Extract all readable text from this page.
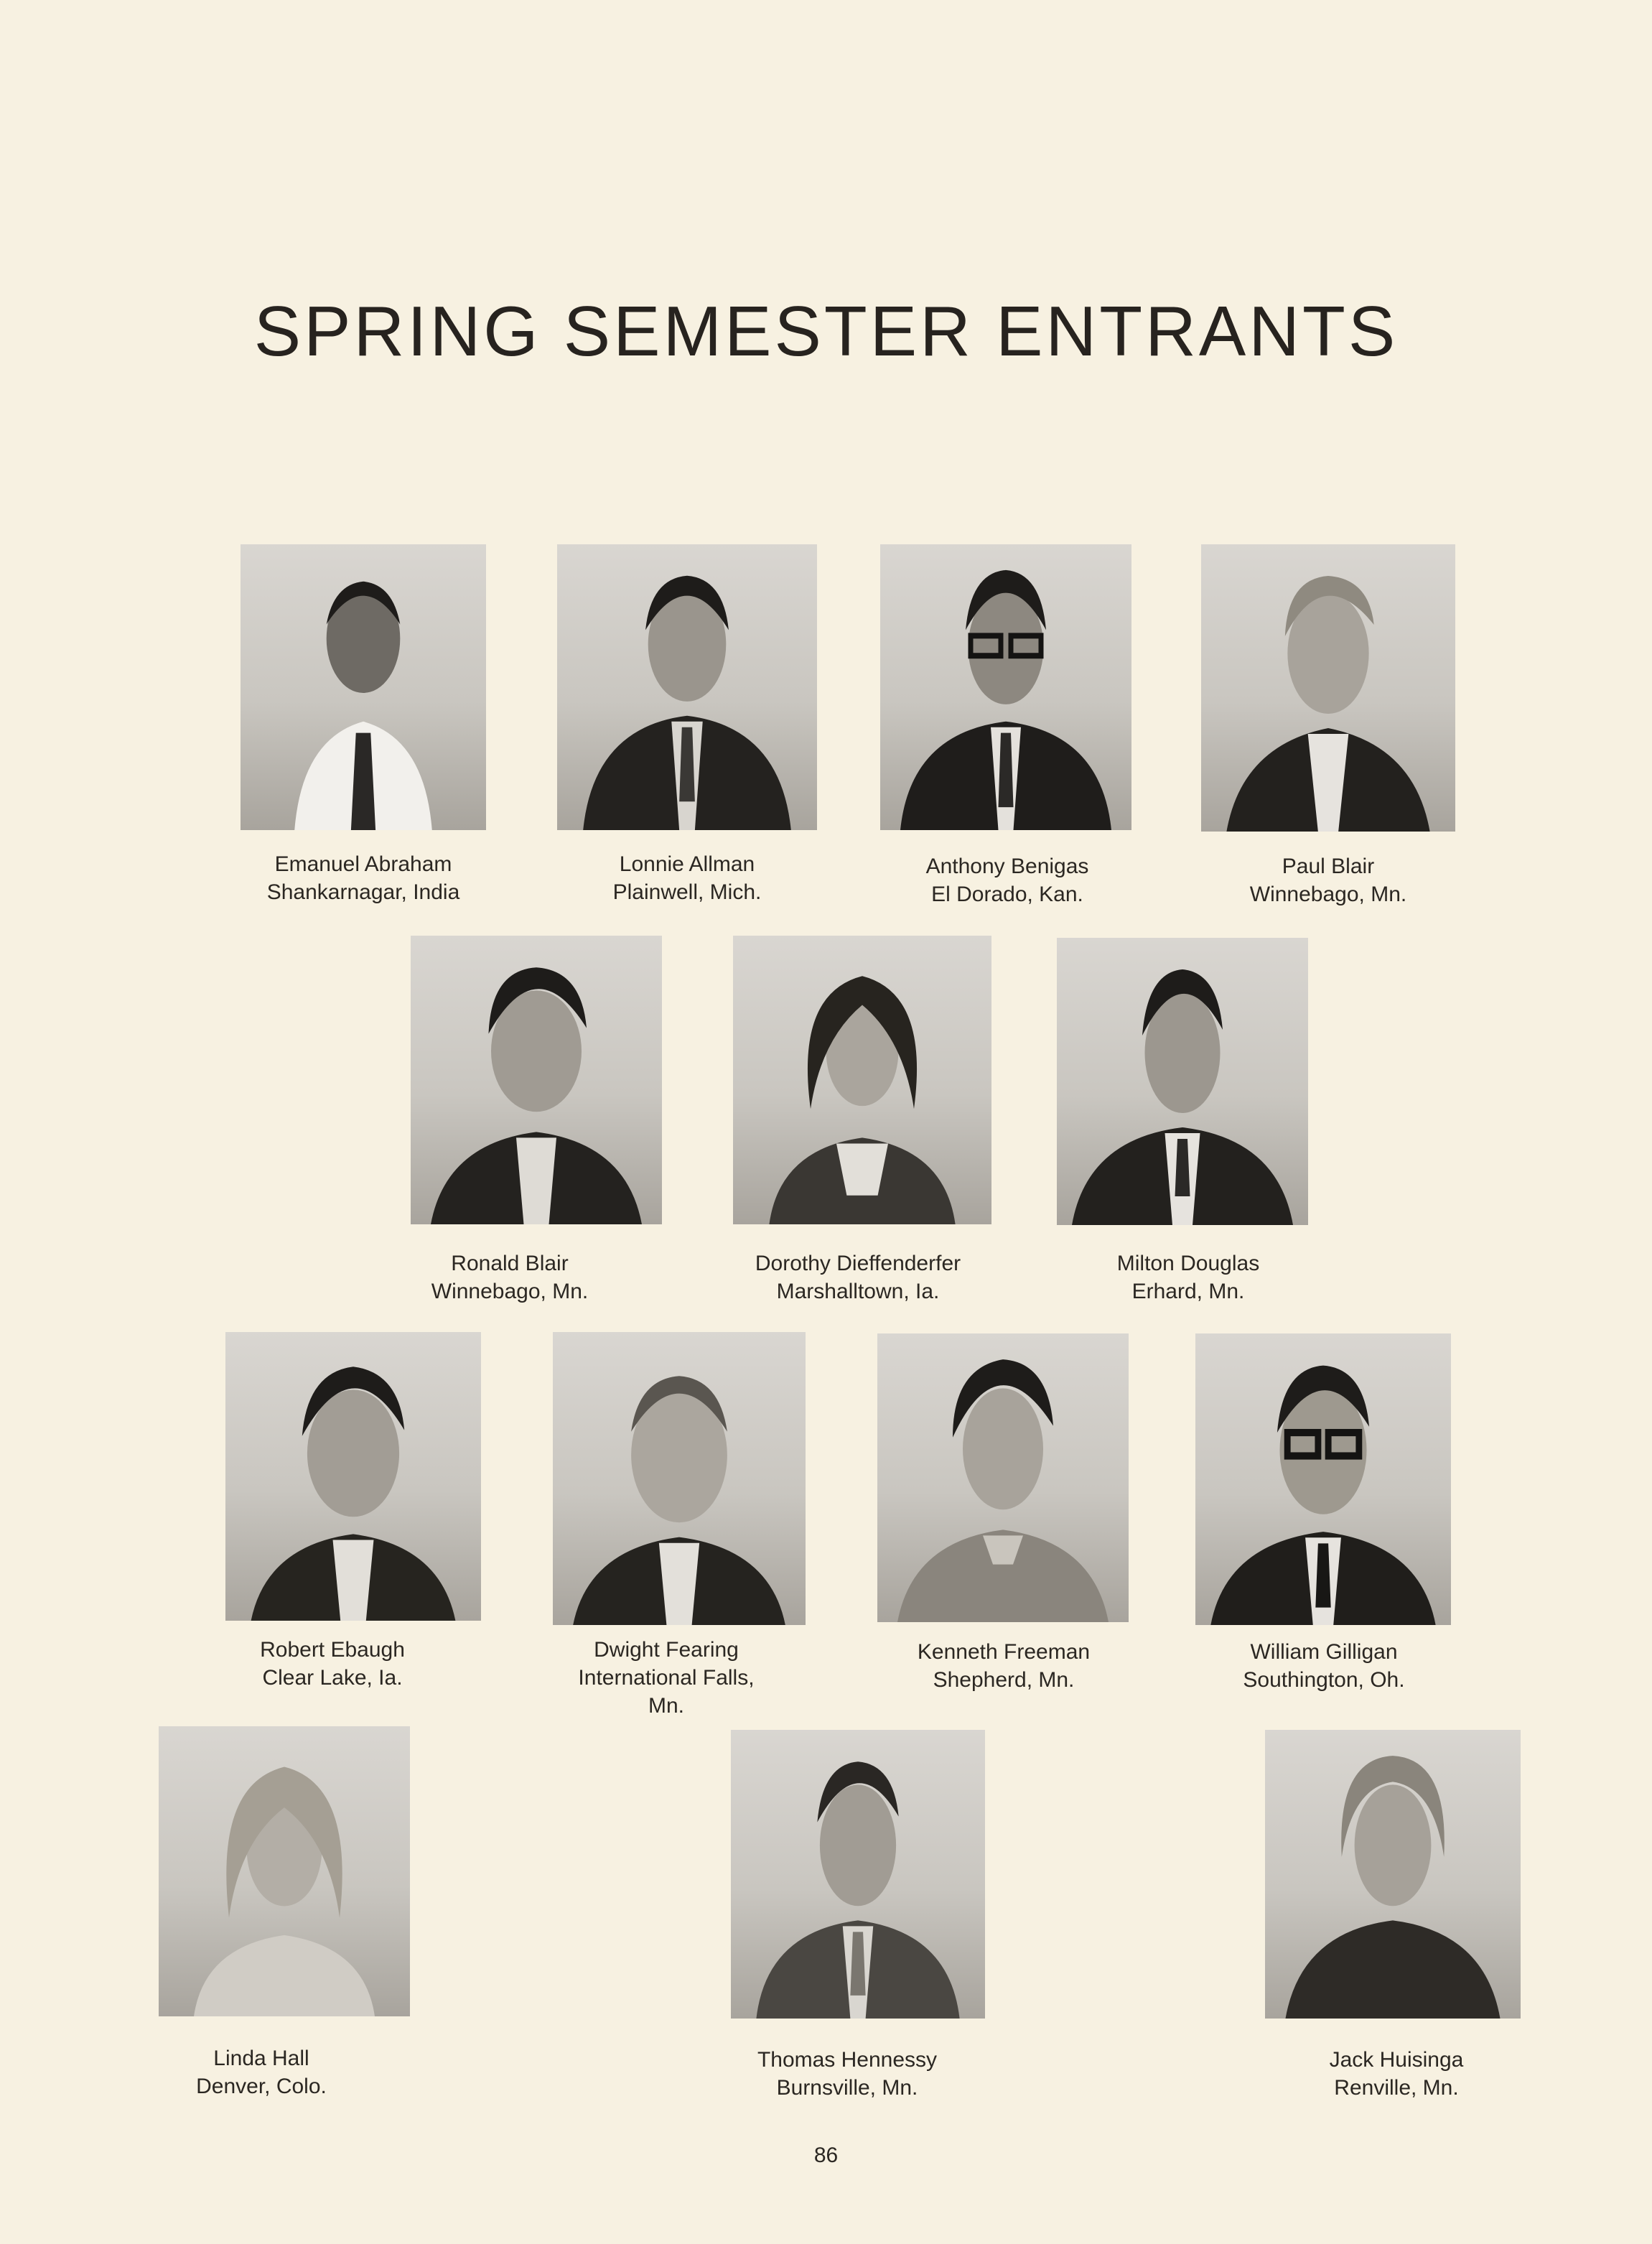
SPRING SEMESTER ENTRANTS
Emanuel Abraham
Shankarnagar, India
Lonnie Allman
Plainwell, Mich.
Anthony Benigas
El Dorado, Kan.
Paul Blair
Winnebago, Mn.
Ronald Blair
Winnebago, Mn.
Dorothy Dieffenderfer
Marshalltown, Ia.
Milton Douglas
Erhard, Mn.
Robert Ebaugh
Clear Lake, Ia.
Dwight Fearing
International Falls,
Mn.
Kenneth Freeman
Shepherd, Mn.
William Gilligan
Southington, Oh.
Linda Hall
Denver, Colo.
Thomas Hennessy
Burnsville, Mn.
Jack Huisinga
Renville, Mn.
86
